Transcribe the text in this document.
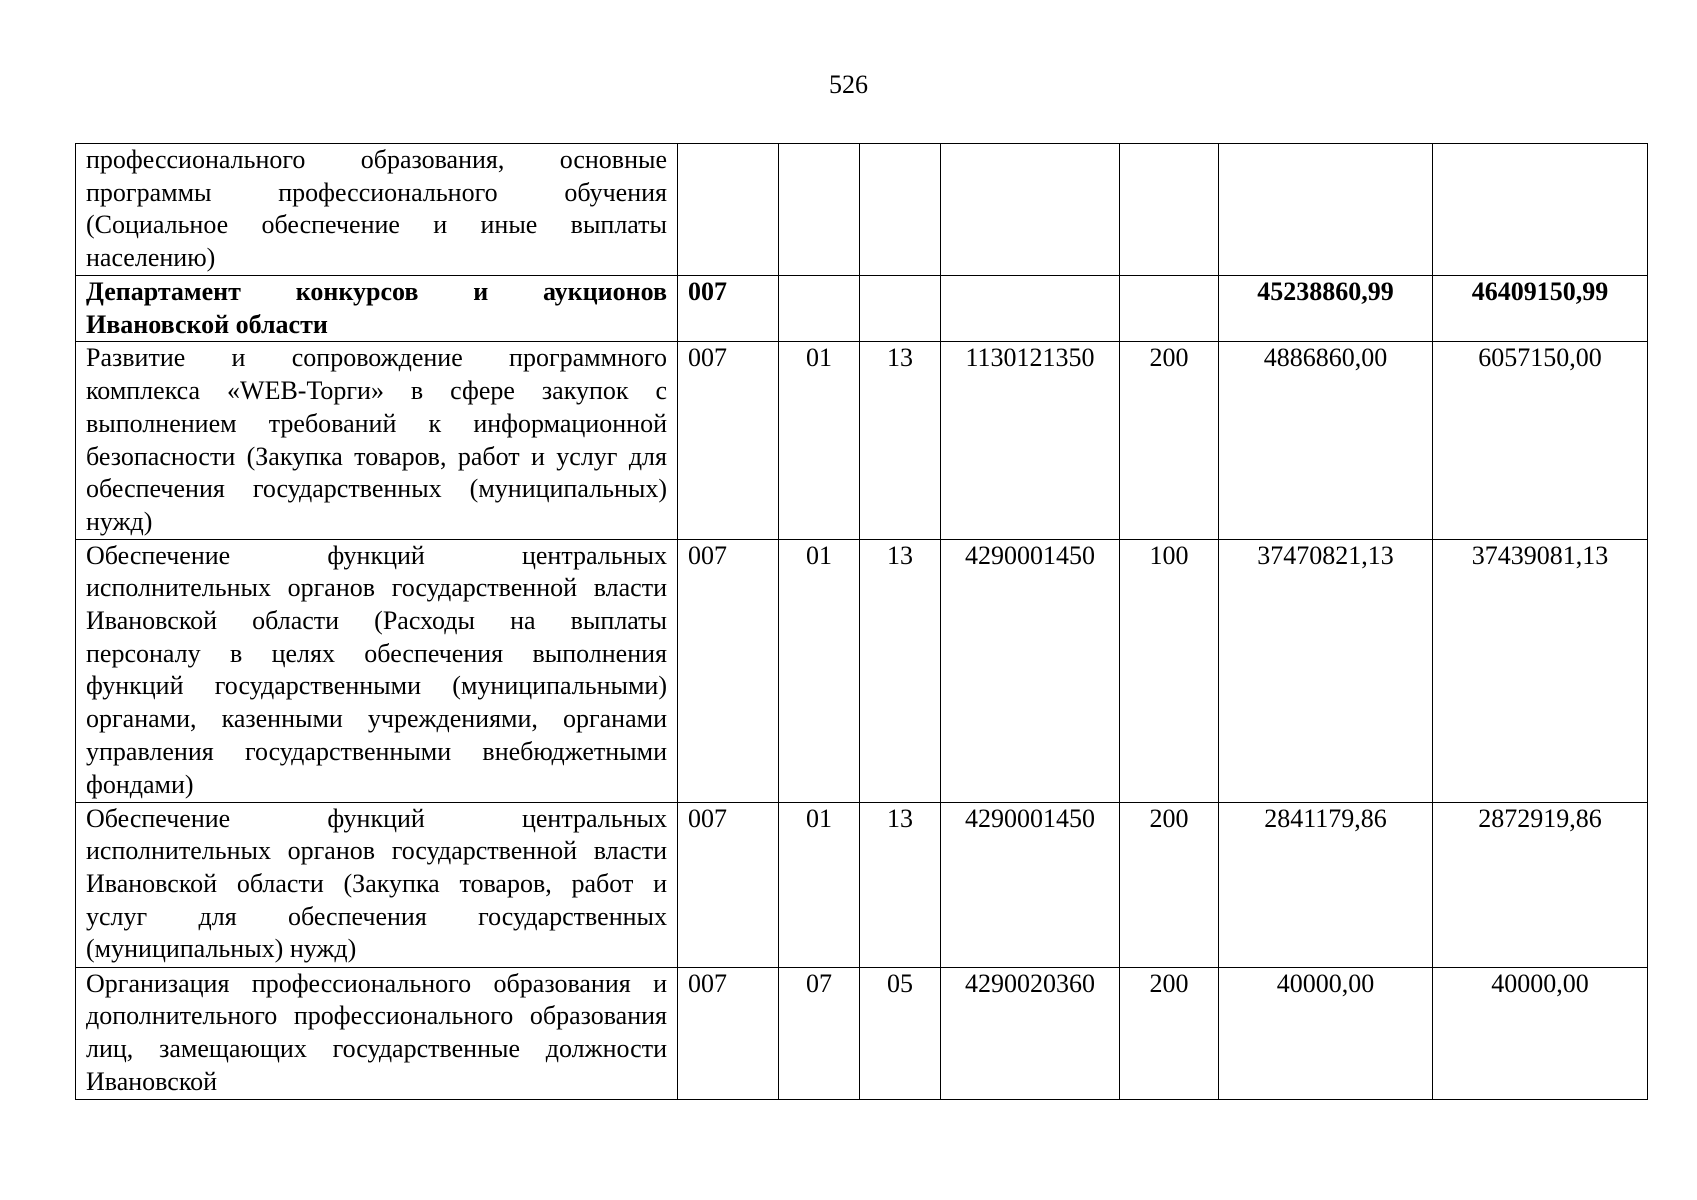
526
профессионального образования, основные программы профессионального обучения (Социальное обеспечение и иные выплаты населению)							
Департамент конкурсов и аукционов Ивановской области	007					45238860,99	46409150,99
Развитие и сопровождение программного комплекса «WEB-Торги» в сфере закупок с выполнением требований к информационной безопасности (Закупка товаров, работ и услуг для обеспечения государственных (муниципальных) нужд)	007	01	13	1130121350	200	4886860,00	6057150,00
Обеспечение функций центральных исполнительных органов государственной власти Ивановской области (Расходы на выплаты персоналу в целях обеспечения выполнения функций государственными (муниципальными) органами, казенными учреждениями, органами управления государственными внебюджетными фондами)	007	01	13	4290001450	100	37470821,13	37439081,13
Обеспечение функций центральных исполнительных органов государственной власти Ивановской области (Закупка товаров, работ и услуг для обеспечения государственных (муниципальных) нужд)	007	01	13	4290001450	200	2841179,86	2872919,86
Организация профессионального образования и дополнительного профессионального образования лиц, замещающих государственные должности Ивановской	007	07	05	4290020360	200	40000,00	40000,00
